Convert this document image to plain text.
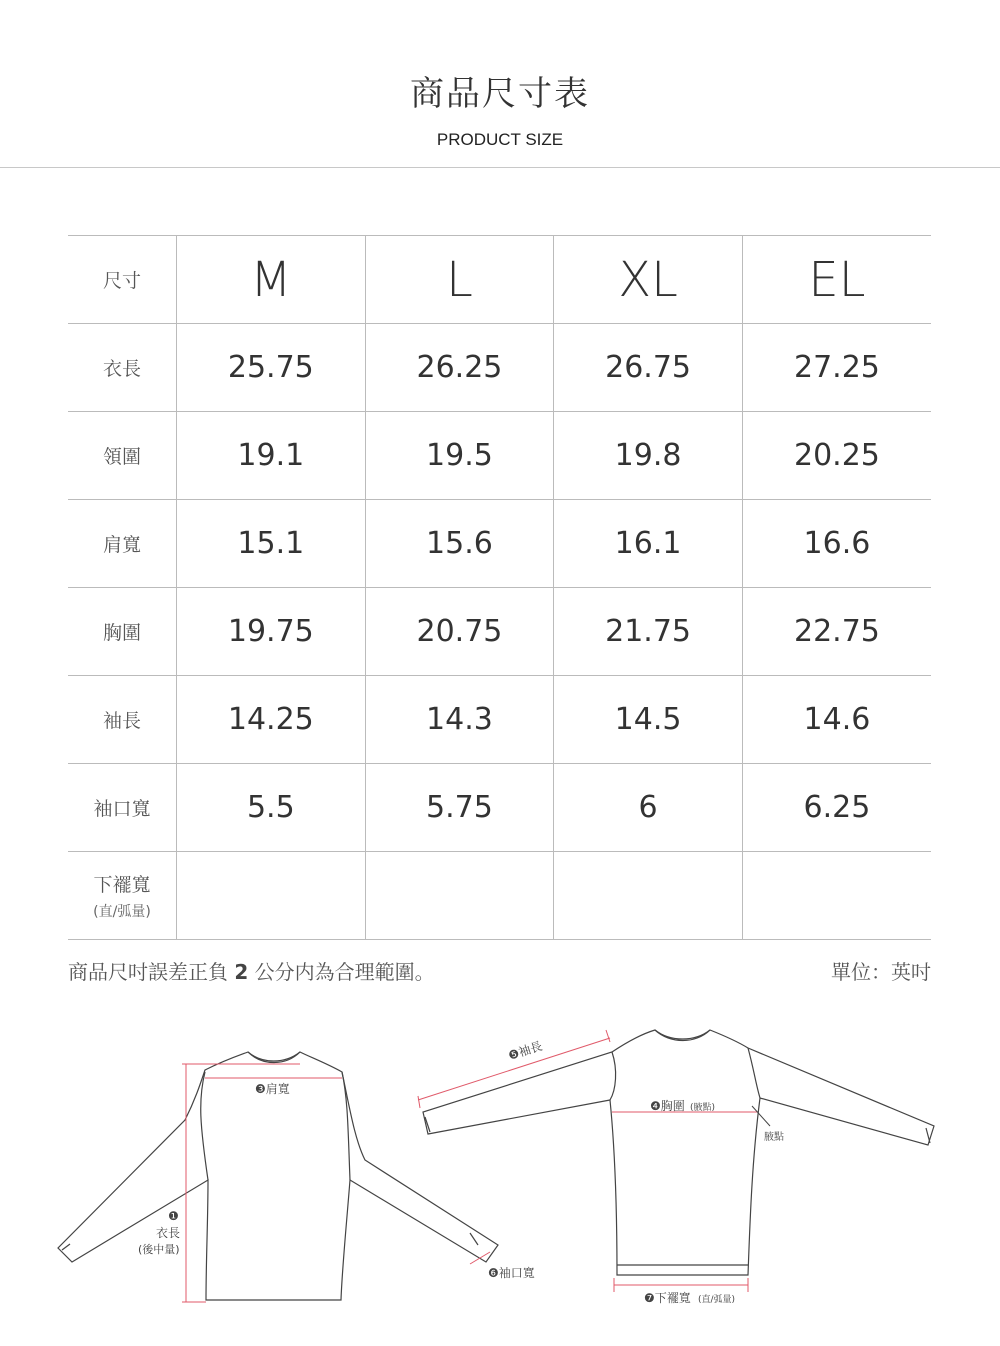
商品尺寸表
PRODUCT SIZE
尺寸	M	L	XL	EL
衣長	25.75	26.25	26.75	27.25
領圍	19.1	19.5	19.8	20.25
肩寬	15.1	15.6	16.1	16.6
胸圍	19.75	20.75	21.75	22.75
袖長	14.25	14.3	14.5	14.6
袖口寬	5.5	5.75	6	6.25
下襬寬
(直/弧量)				

商品尺吋誤差正負 2 公分内為合理範圍。	單位：英吋
❸肩寬
❶
衣長
(後中量)
❻袖口寬
❺袖長
❹胸圍 (腋點)
腋點
❼下襬寬 (直/弧量)
